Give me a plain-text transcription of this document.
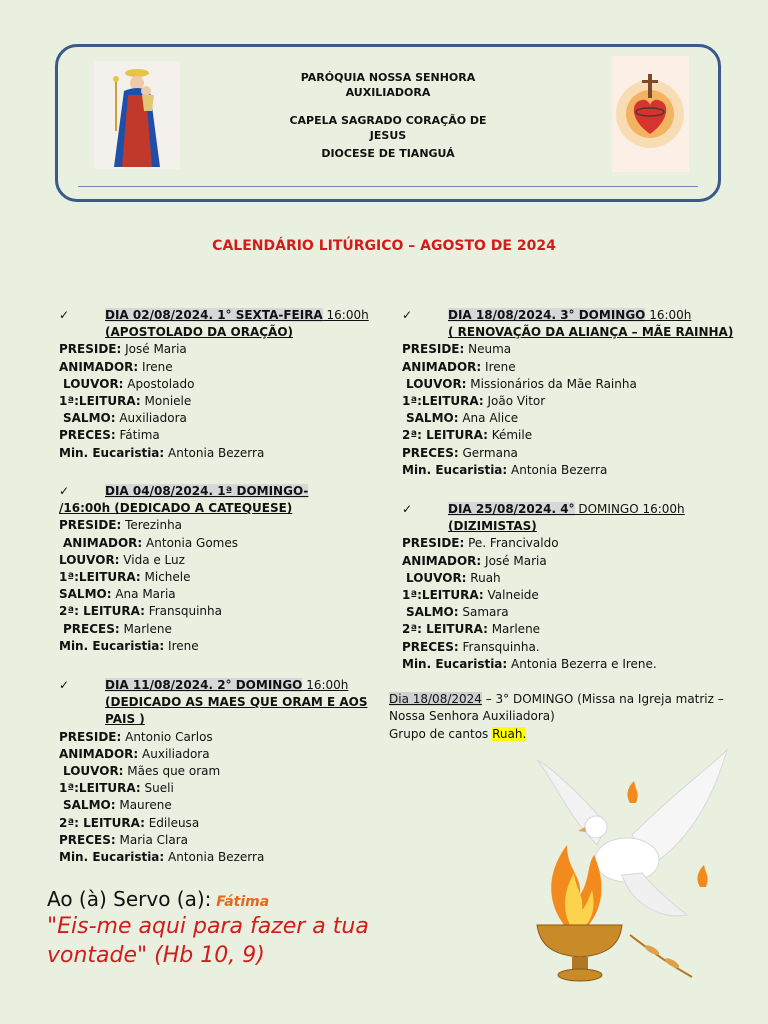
PARÓQUIA NOSSA SENHORA AUXILIADORA
CAPELA SAGRADO CORAÇÃO DE JESUS
DIOCESE DE TIANGUÁ
CALENDÁRIO LITÚRGICO – AGOSTO DE 2024
✓	DIA 02/08/2024. 1° SEXTA-FEIRA 16:00h
(APOSTOLADO DA ORAÇÃO)
PRESIDE: José Maria
ANIMADOR: Irene
LOUVOR: Apostolado
1ª:LEITURA: Moniele
SALMO: Auxiliadora
PRECES: Fátima
Min. Eucaristia: Antonia Bezerra
✓	DIA 04/08/2024. 1ª DOMINGO-
/16:00h (DEDICADO A CATEQUESE)
PRESIDE: Terezinha
ANIMADOR: Antonia Gomes
LOUVOR: Vida e Luz
1ª:LEITURA: Michele
SALMO: Ana Maria
2ª: LEITURA: Fransquinha
PRECES: Marlene
Min. Eucaristia: Irene
✓	DIA 11/08/2024. 2° DOMINGO 16:00h
(DEDICADO AS MAES QUE ORAM E AOS
PAIS )
PRESIDE: Antonio Carlos
ANIMADOR: Auxiliadora
LOUVOR: Mães que oram
1ª:LEITURA: Sueli
SALMO: Maurene
2ª: LEITURA: Edileusa
PRECES: Maria Clara
Min. Eucaristia: Antonia Bezerra
✓	DIA 18/08/2024. 3° DOMINGO 16:00h
( RENOVAÇÃO DA ALIANÇA – MÃE RAINHA)
PRESIDE: Neuma
ANIMADOR: Irene
LOUVOR: Missionários da Mãe Rainha
1ª:LEITURA: João Vitor
SALMO: Ana Alice
2ª: LEITURA: Kémile
PRECES: Germana
Min. Eucaristia: Antonia Bezerra
✓	DIA 25/08/2024. 4° DOMINGO 16:00h
(DIZIMISTAS)
PRESIDE: Pe. Francivaldo
ANIMADOR: José Maria
LOUVOR: Ruah
1ª:LEITURA: Valneide
SALMO: Samara
2ª: LEITURA: Marlene
PRECES: Fransquinha.
Min. Eucaristia: Antonia Bezerra e Irene.
Dia 18/08/2024 – 3° DOMINGO (Missa na Igreja matriz – Nossa Senhora Auxiliadora)
Grupo de cantos Ruah.
Ao (à) Servo (a): Fátima
"Eis-me aqui para fazer a tua vontade" (Hb 10, 9)
